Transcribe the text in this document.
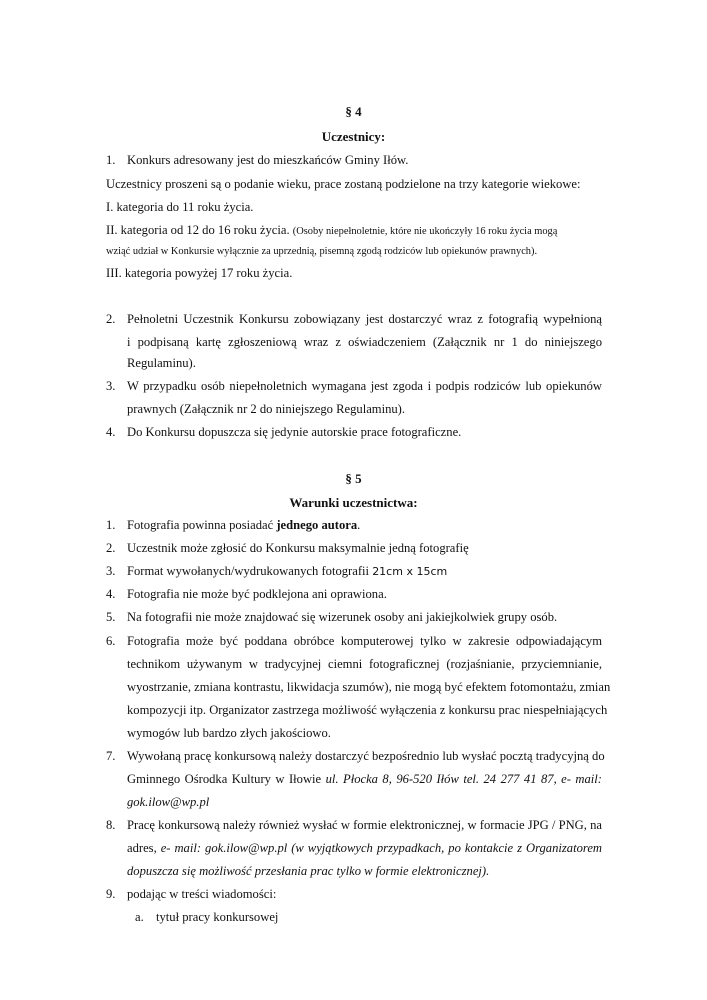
§ 4
Uczestnicy:
1. Konkurs adresowany jest do mieszkańców Gminy Iłów.
Uczestnicy proszeni są o podanie wieku, prace zostaną podzielone na trzy kategorie wiekowe:
I. kategoria do 11 roku życia.
II. kategoria od 12 do 16 roku życia. (Osoby niepełnoletnie, które nie ukończyły 16 roku życia mogą
wziąć udział w Konkursie wyłącznie za uprzednią, pisemną zgodą rodziców lub opiekunów prawnych).
III. kategoria powyżej 17 roku życia.
2. Pełnoletni Uczestnik Konkursu zobowiązany jest dostarczyć wraz z fotografią wypełnioną
i podpisaną kartę zgłoszeniową wraz z oświadczeniem (Załącznik nr 1 do niniejszego
Regulaminu).
3. W przypadku osób niepełnoletnich wymagana jest zgoda i podpis rodziców lub opiekunów
prawnych (Załącznik nr 2 do niniejszego Regulaminu).
4. Do Konkursu dopuszcza się jedynie autorskie prace fotograficzne.
§ 5
Warunki uczestnictwa:
1. Fotografia powinna posiadać jednego autora.
2. Uczestnik może zgłosić do Konkursu maksymalnie jedną fotografię
3. Format wywołanych/wydrukowanych fotografii 21cm x 15cm
4. Fotografia nie może być podklejona ani oprawiona.
5. Na fotografii nie może znajdować się wizerunek osoby ani jakiejkolwiek grupy osób.
6. Fotografia może być poddana obróbce komputerowej tylko w zakresie odpowiadającym
technikom używanym w tradycyjnej ciemni fotograficznej (rozjaśnianie, przyciemnianie,
wyostrzanie, zmiana kontrastu, likwidacja szumów), nie mogą być efektem fotomontażu, zmian
kompozycji itp. Organizator zastrzega możliwość wyłączenia z konkursu prac niespełniających
wymogów lub bardzo złych jakościowo.
7. Wywołaną pracę konkursową należy dostarczyć bezpośrednio lub wysłać pocztą tradycyjną do
Gminnego Ośrodka Kultury w Iłowie ul. Płocka 8, 96-520 Iłów tel. 24 277 41 87, e- mail:
gok.ilow@wp.pl
8. Pracę konkursową należy również wysłać w formie elektronicznej, w formacie JPG / PNG, na
adres, e- mail: gok.ilow@wp.pl (w wyjątkowych przypadkach, po kontakcie z Organizatorem
dopuszcza się możliwość przesłania prac tylko w formie elektronicznej).
9. podając w treści wiadomości:
a. tytuł pracy konkursowej
